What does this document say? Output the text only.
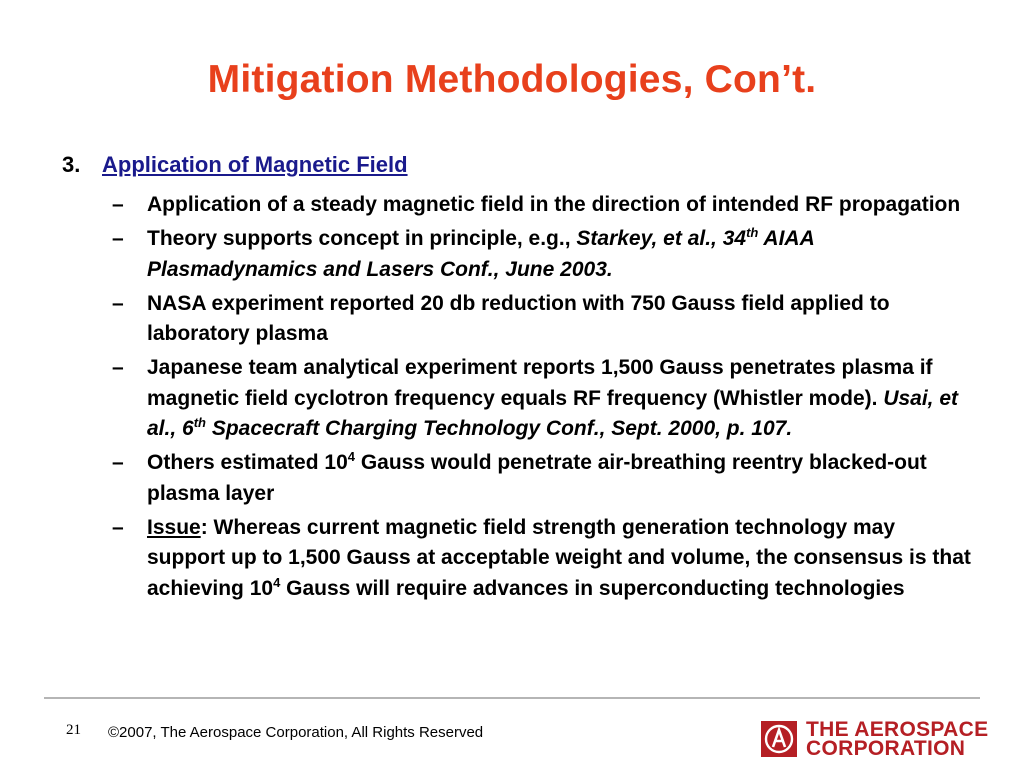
Mitigation Methodologies, Con’t.
3. Application of Magnetic Field
– Application of a steady magnetic field in the direction of intended RF propagation
– Theory supports concept in principle, e.g., Starkey, et al., 34th AIAA Plasmadynamics and Lasers Conf., June 2003.
– NASA experiment reported 20 db reduction with 750 Gauss field applied to laboratory plasma
– Japanese team analytical experiment reports 1,500 Gauss penetrates plasma if magnetic field cyclotron frequency equals RF frequency (Whistler mode). Usai, et al., 6th Spacecraft Charging Technology Conf., Sept. 2000, p. 107.
– Others estimated $10^4$ Gauss would penetrate air-breathing reentry blacked-out plasma layer
– Issue: Whereas current magnetic field strength generation technology may support up to 1,500 Gauss at acceptable weight and volume, the consensus is that achieving $10^4$ Gauss will require advances in superconducting technologies
21 ©2007, The Aerospace Corporation, All Rights Reserved	THE AEROSPACE
CORPORATION
